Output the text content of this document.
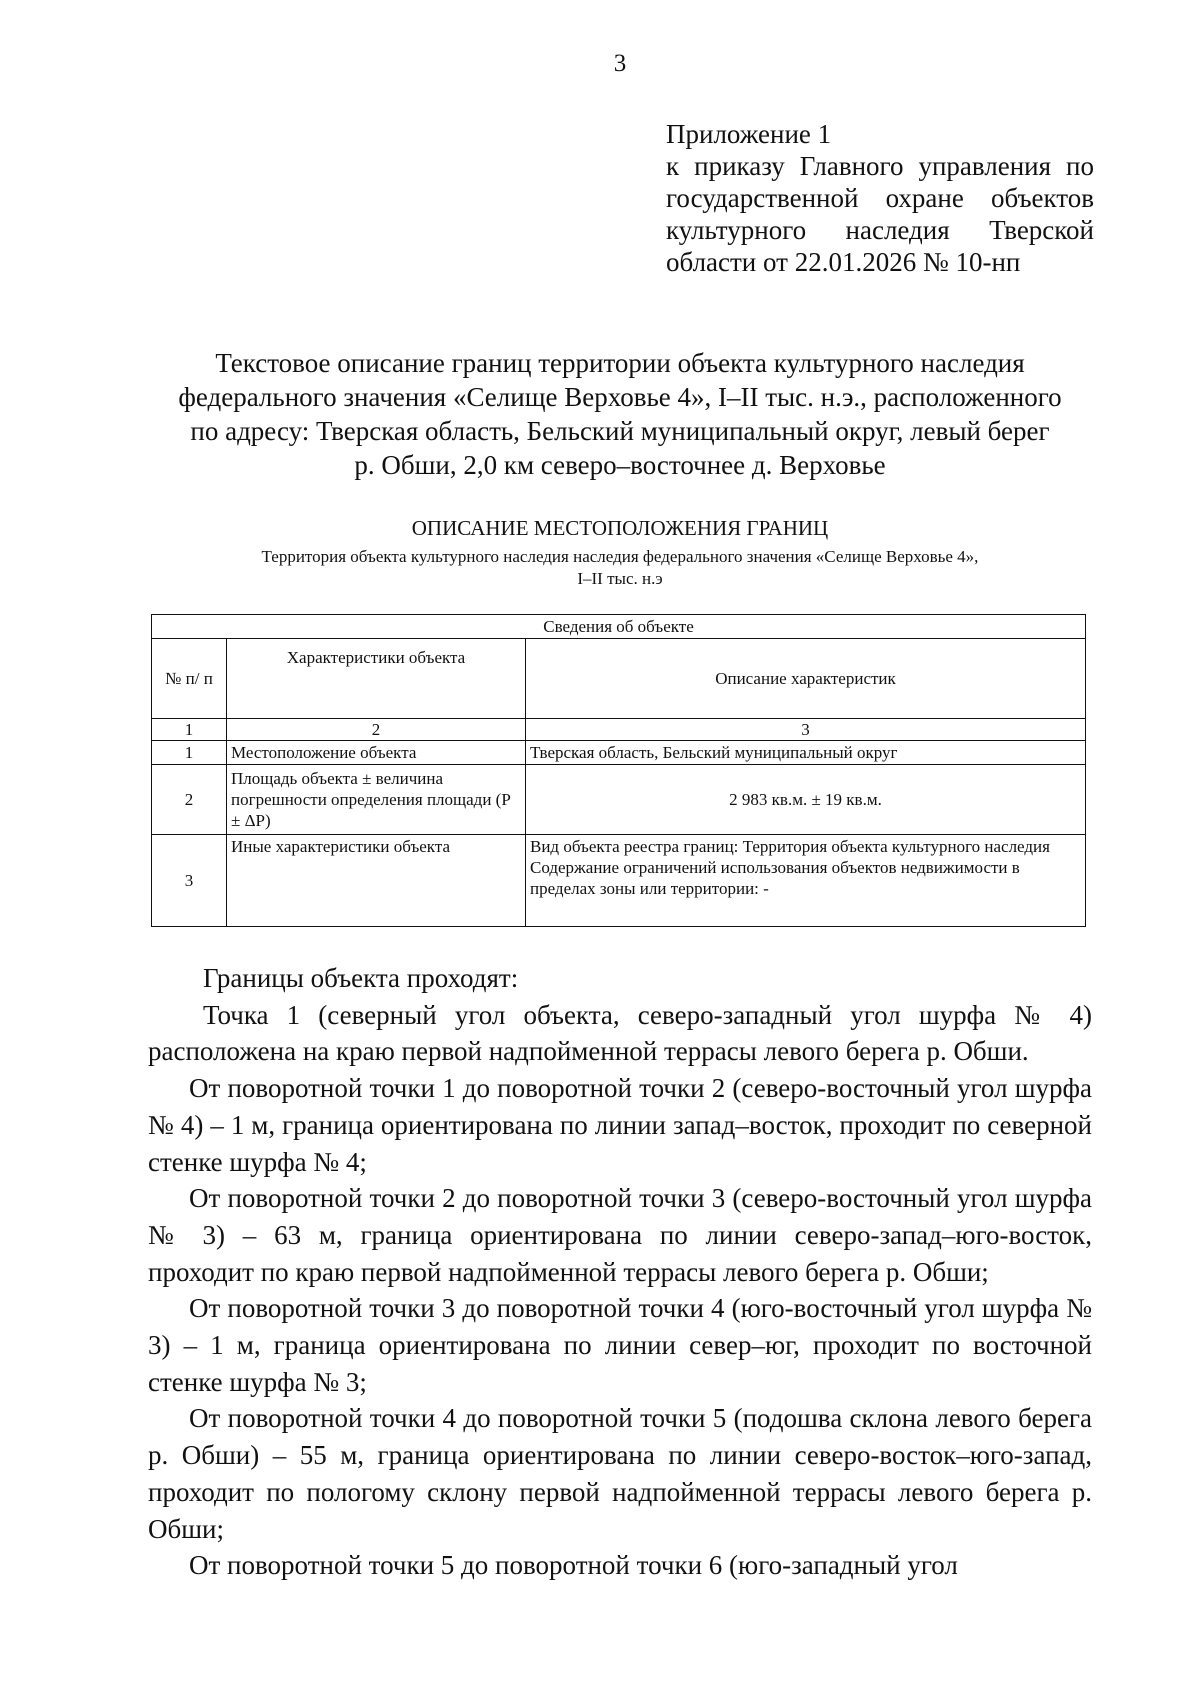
3
Приложение 1
к приказу Главного управления по
государственной охране объектов
культурного наследия Тверской
области от 22.01.2026 № 10-нп
Текстовое описание границ территории объекта культурного наследия
федерального значения «Селище Верховье 4», I–II тыс. н.э., расположенного
по адресу: Тверская область, Бельский муниципальный округ, левый берег
р. Обши, 2,0 км северо–восточнее д. Верховье
ОПИСАНИЕ МЕСТОПОЛОЖЕНИЯ ГРАНИЦ
Территория объекта культурного наследия наследия федерального значения «Селище Верховье 4»,
I–II тыс. н.э
Сведения об объекте		
№ п/ п	Характеристики объекта	Описание характеристик
1	2	3
1	Местоположение объекта	Тверская область, Бельский муниципальный округ
2	Площадь объекта ± величина погрешности определения площади (Р ± ΔР)	2 983 кв.м. ± 19 кв.м.
3	Иные характеристики объекта	Вид объекта реестра границ: Территория объекта культурного наследия
Содержание ограничений использования объектов недвижимости в пределах зоны или территории: -

Границы объекта проходят:

Точка 1 (северный угол объекта, северо-западный угол шурфа № 4) расположена на краю первой надпойменной террасы левого берега р. Обши.

От поворотной точки 1 до поворотной точки 2 (северо-восточный угол шурфа № 4) – 1 м, граница ориентирована по линии запад–восток, проходит по северной стенке шурфа № 4;

От поворотной точки 2 до поворотной точки 3 (северо-восточный угол шурфа № 3) – 63 м, граница ориентирована по линии северо-запад–юго-восток, проходит по краю первой надпойменной террасы левого берега р. Обши;

От поворотной точки 3 до поворотной точки 4 (юго-восточный угол шурфа № 3) – 1 м, граница ориентирована по линии север–юг, проходит по восточной стенке шурфа № 3;

От поворотной точки 4 до поворотной точки 5 (подошва склона левого берега р. Обши) – 55 м, граница ориентирована по линии северо-восток–юго-запад, проходит по пологому склону первой надпойменной террасы левого берега р. Обши;

От поворотной точки 5 до поворотной точки 6 (юго-западный угол
